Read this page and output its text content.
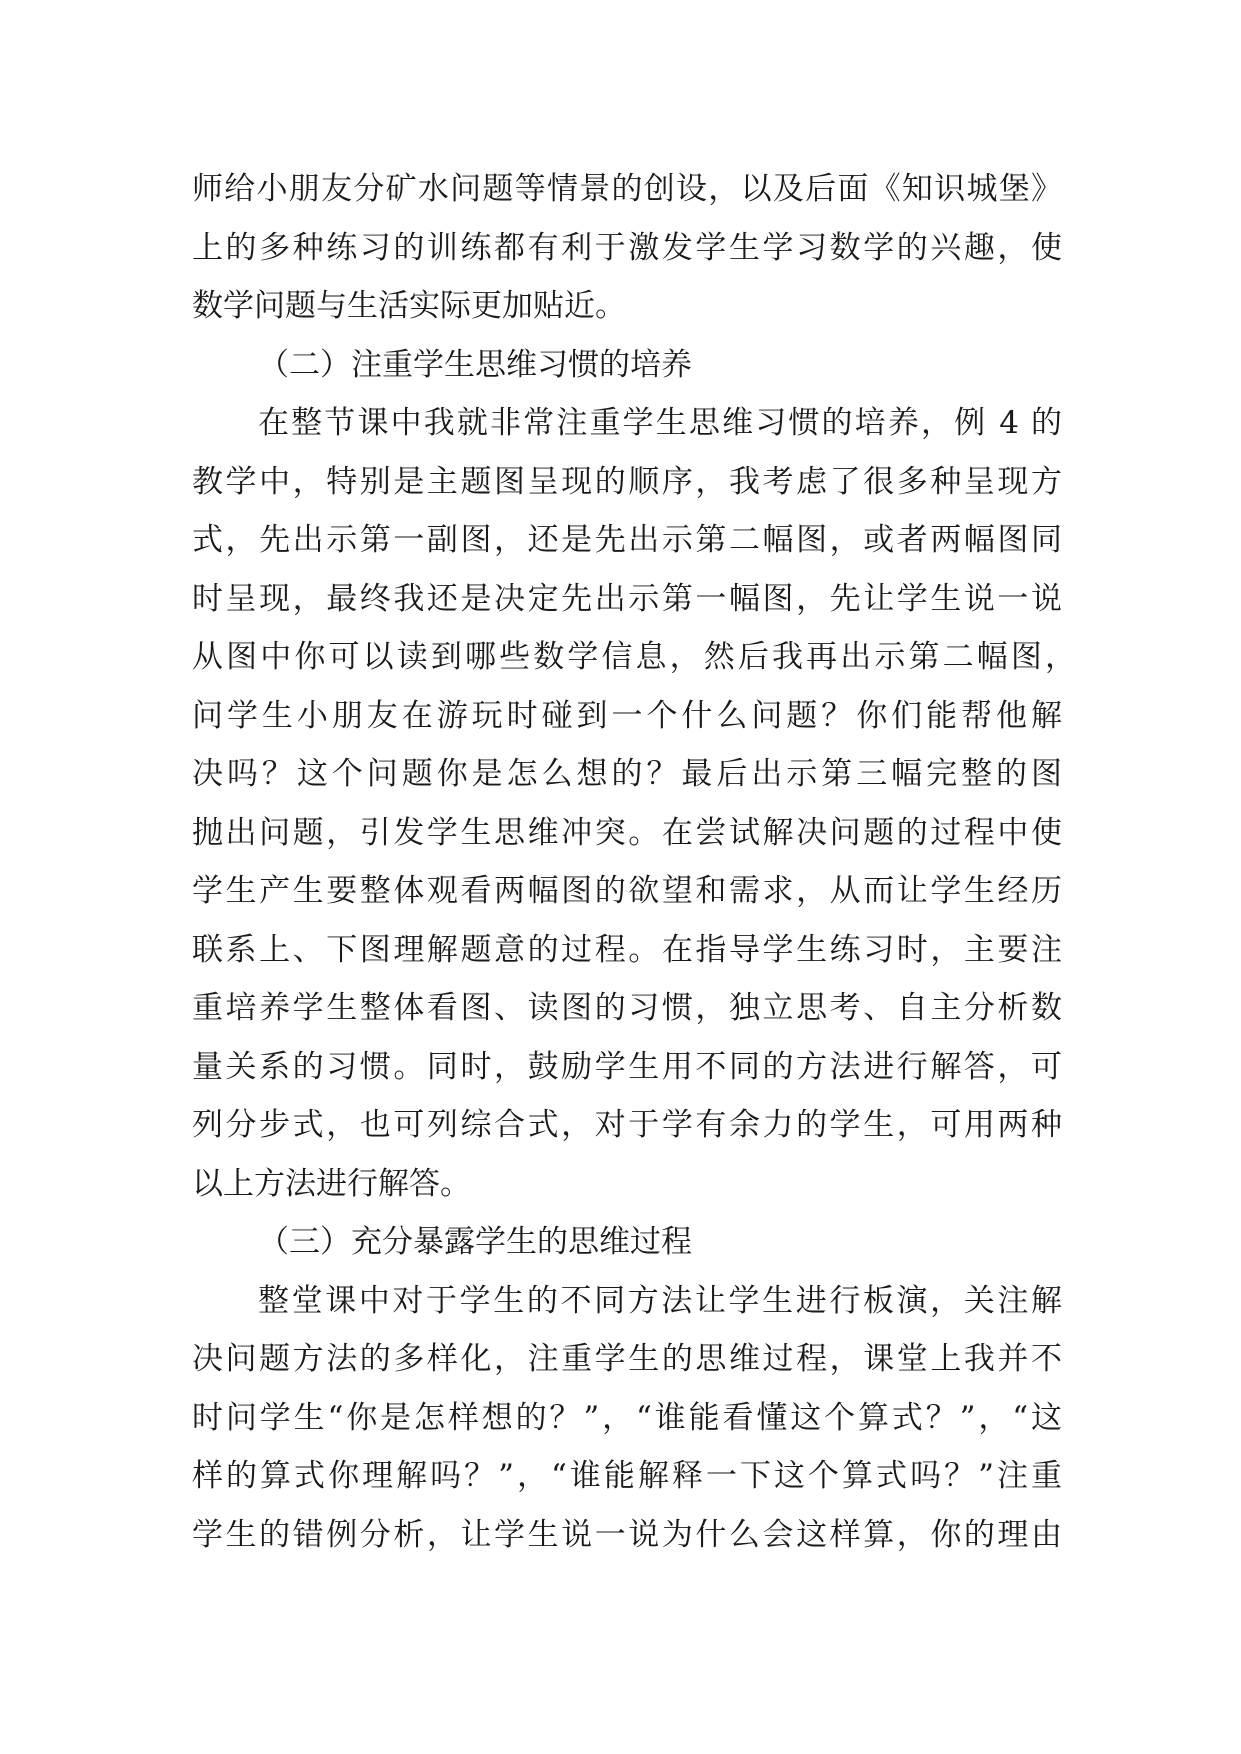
师给小朋友分矿水问题等情景的创设，以及后面《知识城堡》
上的多种练习的训练都有利于激发学生学习数学的兴趣，使
数学问题与生活实际更加贴近。
（二）注重学生思维习惯的培养
在整节课中我就非常注重学生思维习惯的培养，例 4 的
教学中，特别是主题图呈现的顺序，我考虑了很多种呈现方
式，先出示第一副图，还是先出示第二幅图，或者两幅图同
时呈现，最终我还是决定先出示第一幅图，先让学生说一说
从图中你可以读到哪些数学信息，然后我再出示第二幅图，
问学生小朋友在游玩时碰到一个什么问题？你们能帮他解
决吗？这个问题你是怎么想的？最后出示第三幅完整的图
抛出问题，引发学生思维冲突。在尝试解决问题的过程中使
学生产生要整体观看两幅图的欲望和需求，从而让学生经历
联系上、下图理解题意的过程。在指导学生练习时，主要注
重培养学生整体看图、读图的习惯，独立思考、自主分析数
量关系的习惯。同时，鼓励学生用不同的方法进行解答，可
列分步式，也可列综合式，对于学有余力的学生，可用两种
以上方法进行解答。
（三）充分暴露学生的思维过程
整堂课中对于学生的不同方法让学生进行板演，关注解
决问题方法的多样化，注重学生的思维过程，课堂上我并不
时问学生“你是怎样想的？”，“谁能看懂这个算式？”，“这
样的算式你理解吗？”，“谁能解释一下这个算式吗？”注重
学生的错例分析，让学生说一说为什么会这样算，你的理由
